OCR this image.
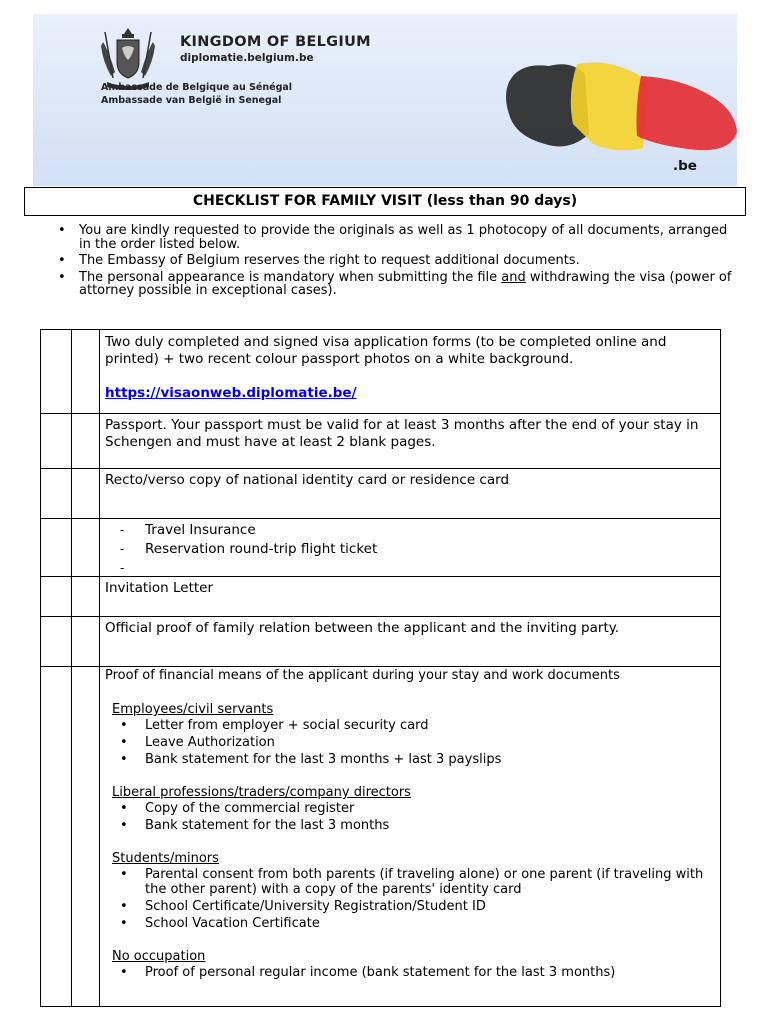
KINGDOM OF BELGIUM
diplomatie.belgium.be
Ambassade de Belgique au Sénégal
Ambassade van België in Senegal
.be
CHECKLIST FOR FAMILY VISIT (less than 90 days)
• You are kindly requested to provide the originals as well as 1 photocopy of all documents, arranged in the order listed below.
• The Embassy of Belgium reserves the right to request additional documents.
• The personal appearance is mandatory when submitting the file and withdrawing the visa (power of attorney possible in exceptional cases).

Two duly completed and signed visa application forms (to be completed online and printed) + two recent colour passport photos on a white background.

https://visaonweb.diplomatie.be/

Passport. Your passport must be valid for at least 3 months after the end of your stay in Schengen and must have at least 2 blank pages.

Recto/verso copy of national identity card or residence card

- Travel Insurance
- Reservation round-trip flight ticket
-

Invitation Letter

Official proof of family relation between the applicant and the inviting party.

Proof of financial means of the applicant during your stay and work documents

Employees/civil servants
• Letter from employer + social security card
• Leave Authorization
• Bank statement for the last 3 months + last 3 payslips
Liberal professions/traders/company directors
• Copy of the commercial register
• Bank statement for the last 3 months
Students/minors
• Parental consent from both parents (if traveling alone) or one parent (if traveling with the other parent) with a copy of the parents' identity card
• School Certificate/University Registration/Student ID
• School Vacation Certificate
No occupation
• Proof of personal regular income (bank statement for the last 3 months)
